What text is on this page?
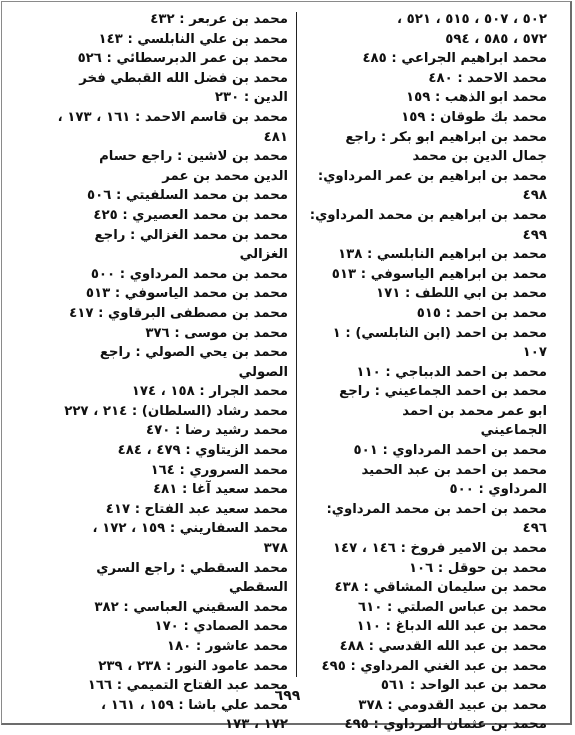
٥٠٢ ، ٥٠٧ ، ٥١٥ ، ٥٢١ ،
٥٧٢ ، ٥٨٥ ، ٥٩٤
محمد ابراهيم الجراعي : ٤٨٥
محمد الاحمد : ٤٨٠
محمد ابو الذهب : ١٥٩
محمد بك طوقان : ١٥٩
محمد بن ابراهيم ابو بكر : راجع
جمال الدين بن محمد
محمد بن ابراهيم بن عمر المرداوي:
٤٩٨
محمد بن ابراهيم بن محمد المرداوي:
٤٩٩
محمد بن ابراهيم النابلسي : ١٣٨
محمد بن ابراهيم الياسوفي : ٥١٣
محمد بن ابي اللطف : ١٧١
محمد بن احمد : ٥١٥
محمد بن احمد (ابن النابلسي) : ١
١٠٧
محمد بن احمد الدبباجي : ١١٠
محمد بن احمد الجماعيني : راجع
ابو عمر محمد بن احمد
الجماعيني
محمد بن احمد المرداوي : ٥٠١
محمد بن احمد بن عبد الحميد
المرداوي : ٥٠٠
محمد بن احمد بن محمد المرداوي:
٤٩٦
محمد بن الامير فروخ : ١٤٦ ، ١٤٧
محمد بن حوقل : ١٠٦
محمد بن سليمان المشاقي : ٤٣٨
محمد بن عباس الصلتي : ٦١٠
محمد بن عبد الله الدباغ : ١١٠
محمد بن عبد الله القدسي : ٤٨٨
محمد بن عبد الغني المرداوي : ٤٩٥
محمد بن عبد الواحد : ٥٦١
محمد بن عبيد القدومي : ٣٧٨
محمد بن عثمان المرداوي : ٤٩٥
محمد بن عربعر : ٤٣٢
محمد بن علي النابلسي : ١٤٣
محمد بن عمر الدبرسطائي : ٥٢٦
محمد بن فضل الله القبطي فخر
الدين : ٢٣٠
محمد بن قاسم الاحمد : ١٦١ ، ١٧٣ ،
٤٨١
محمد بن لاشين : راجع حسام
الدين محمد بن عمر
محمد بن محمد السلفيتي : ٥٠٦
محمد بن محمد العصيري : ٤٢٥
محمد بن محمد الغزالي : راجع
الغزالي
محمد بن محمد المرداوي : ٥٠٠
محمد بن محمد الياسوفي : ٥١٣
محمد بن مصطفى البرقاوي : ٤١٧
محمد بن موسى : ٣٧٦
محمد بن يحي الصولي : راجع
الصولي
محمد الجرار : ١٥٨ ، ١٧٤
محمد رشاد (السلطان) : ٢١٤ ، ٢٢٧
محمد رشيد رضا : ٤٧٠
محمد الزيتاوي : ٤٧٩ ، ٤٨٤
محمد السروري : ١٦٤
محمد سعيد آغا : ٤٨١
محمد سعيد عبد الفتاح : ٤١٧
محمد السفاريني : ١٥٩ ، ١٧٢ ،
٣٧٨
محمد السقطي : راجع السري
السقطي
محمد السقيني العباسي : ٣٨٢
محمد الصمادي : ١٧٠
محمد عاشور : ١٨٠
محمد عامود النور : ٢٣٨ ، ٢٣٩
محمد عبد الفتاح التميمي : ١٦٦
محمد علي باشا : ١٥٩ ، ١٦١ ،
١٧٢ ، ١٧٣
٦٩٩
